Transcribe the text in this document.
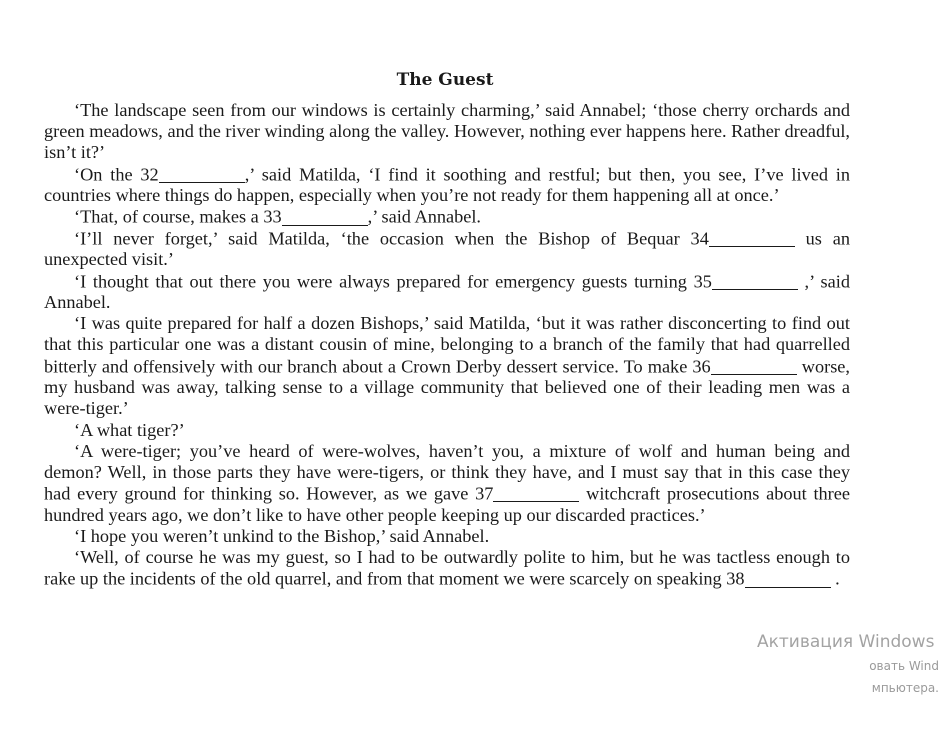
The Guest

‘The landscape seen from our windows is certainly charming,’ said Annabel; ‘those cherry orchards and green meadows, and the river winding along the valley. However, nothing ever happens here. Rather dreadful, isn’t it?’

‘On the 32	,’ said Matilda, ‘I find it soothing and restful; but then, you see, I’ve lived in countries where things do happen, especially when you’re not ready for them happening all at once.’

‘That, of course, makes a 33	,’ said Annabel.

‘I’ll never forget,’ said Matilda, ‘the occasion when the Bishop of Bequar 34	us an unexpected visit.’

‘I thought that out there you were always prepared for emergency guests turning 35	,’ said Annabel.

‘I was quite prepared for half a dozen Bishops,’ said Matilda, ‘but it was rather disconcerting to find out that this particular one was a distant cousin of mine, belonging to a branch of the family that had quarrelled bitterly and offensively with our branch about a Crown Derby dessert service. To make 36	worse, my husband was away, talking sense to a village community that believed one of their leading men was a were-tiger.’

‘A what tiger?’

‘A were-tiger; you’ve heard of were-wolves, haven’t you, a mixture of wolf and human being and demon? Well, in those parts they have were-tigers, or think they have, and I must say that in this case they had every ground for thinking so. However, as we gave 37	witchcraft prosecutions about three hundred years ago, we don’t like to have other people keeping up our discarded practices.’

‘I hope you weren’t unkind to the Bishop,’ said Annabel.

‘Well, of course he was my guest, so I had to be outwardly polite to him, but he was tactless enough to rake up the incidents of the old quarrel, and from that moment we were scarcely on speaking 38	.

Активация Windows
овать Wind
мпьютера.
